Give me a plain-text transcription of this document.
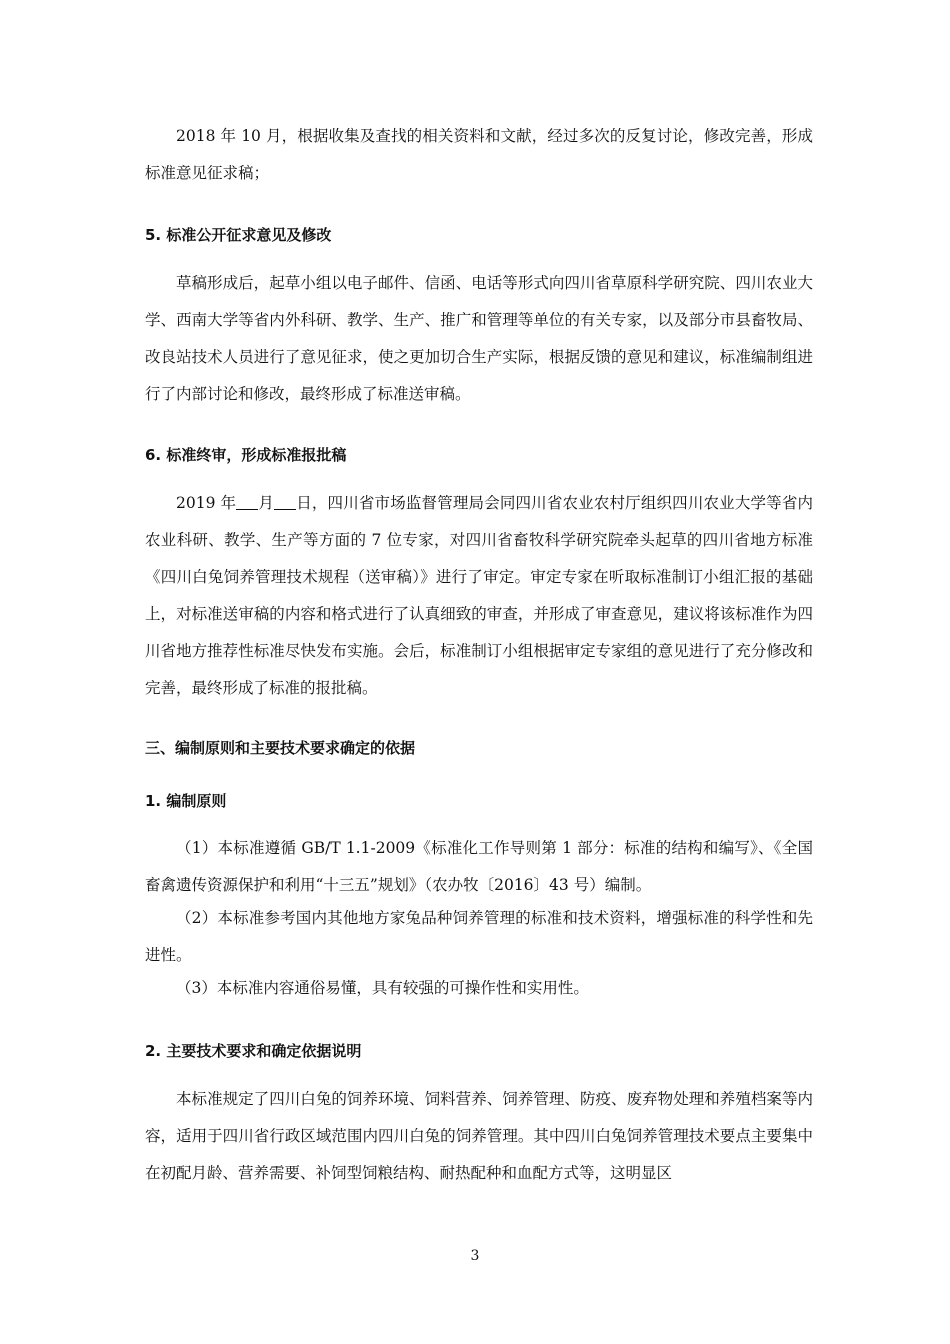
2018 年 10 月，根据收集及查找的相关资料和文献，经过多次的反复讨论，修改完善，形成标准意见征求稿；

5. 标准公开征求意见及修改

草稿形成后，起草小组以电子邮件、信函、电话等形式向四川省草原科学研究院、四川农业大学、西南大学等省内外科研、教学、生产、推广和管理等单位的有关专家，以及部分市县畜牧局、改良站技术人员进行了意见征求，使之更加切合生产实际，根据反馈的意见和建议，标准编制组进行了内部讨论和修改，最终形成了标准送审稿。

6. 标准终审，形成标准报批稿

2019 年 月 日，四川省市场监督管理局会同四川省农业农村厅组织四川农业大学等省内农业科研、教学、生产等方面的 7 位专家，对四川省畜牧科学研究院牵头起草的四川省地方标准《四川白兔饲养管理技术规程（送审稿）》进行了审定。审定专家在听取标准制订小组汇报的基础上，对标准送审稿的内容和格式进行了认真细致的审查，并形成了审查意见，建议将该标准作为四川省地方推荐性标准尽快发布实施。会后，标准制订小组根据审定专家组的意见进行了充分修改和完善，最终形成了标准的报批稿。

三、编制原则和主要技术要求确定的依据

1. 编制原则

（1）本标准遵循 GB/T 1.1-2009《标准化工作导则第 1 部分：标准的结构和编写》、《全国畜禽遗传资源保护和利用“十三五”规划》（农办牧〔2016〕43 号）编制。

（2）本标准参考国内其他地方家兔品种饲养管理的标准和技术资料，增强标准的科学性和先进性。

（3）本标准内容通俗易懂，具有较强的可操作性和实用性。

2. 主要技术要求和确定依据说明

本标准规定了四川白兔的饲养环境、饲料营养、饲养管理、防疫、废弃物处理和养殖档案等内容，适用于四川省行政区域范围内四川白兔的饲养管理。其中四川白兔饲养管理技术要点主要集中在初配月龄、营养需要、补饲型饲粮结构、耐热配种和血配方式等，这明显区

3
